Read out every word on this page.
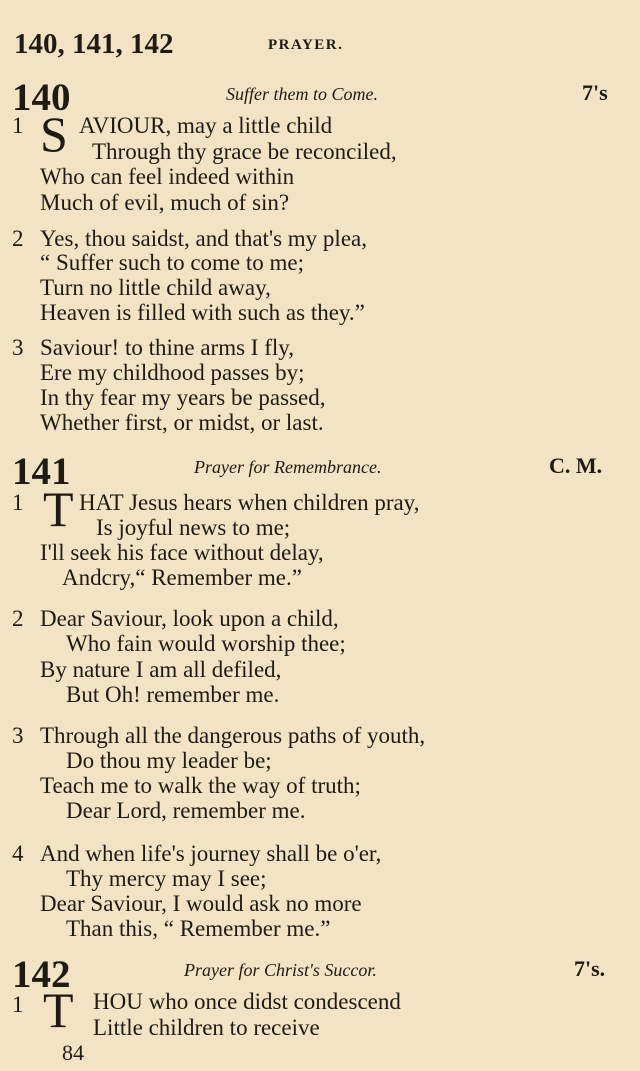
140, 141, 142	PRAYER.
140	Suffer them to Come.	7's
1 S AVIOUR, may a little child
Through thy grace be reconciled,
Who can feel indeed within
Much of evil, much of sin?
2 Yes, thou saidst, and that's my plea,
“ Suffer such to come to me;
Turn no little child away,
Heaven is filled with such as they.”
3 Saviour! to thine arms I fly,
Ere my childhood passes by;
In thy fear my years be passed,
Whether first, or midst, or last.
141	Prayer for Remembrance.	C. M.
1 T HAT Jesus hears when children pray,
Is joyful news to me;
I'll seek his face without delay,
Andcry,“ Remember me.”
2 Dear Saviour, look upon a child,
Who fain would worship thee;
By nature I am all defiled,
But Oh! remember me.
3 Through all the dangerous paths of youth,
Do thou my leader be;
Teach me to walk the way of truth;
Dear Lord, remember me.
4 And when life's journey shall be o'er,
Thy mercy may I see;
Dear Saviour, I would ask no more
Than this, “ Remember me.”
142	Prayer for Christ's Succor.	7's.
1 T HOU who once didst condescend
Little children to receive
84
